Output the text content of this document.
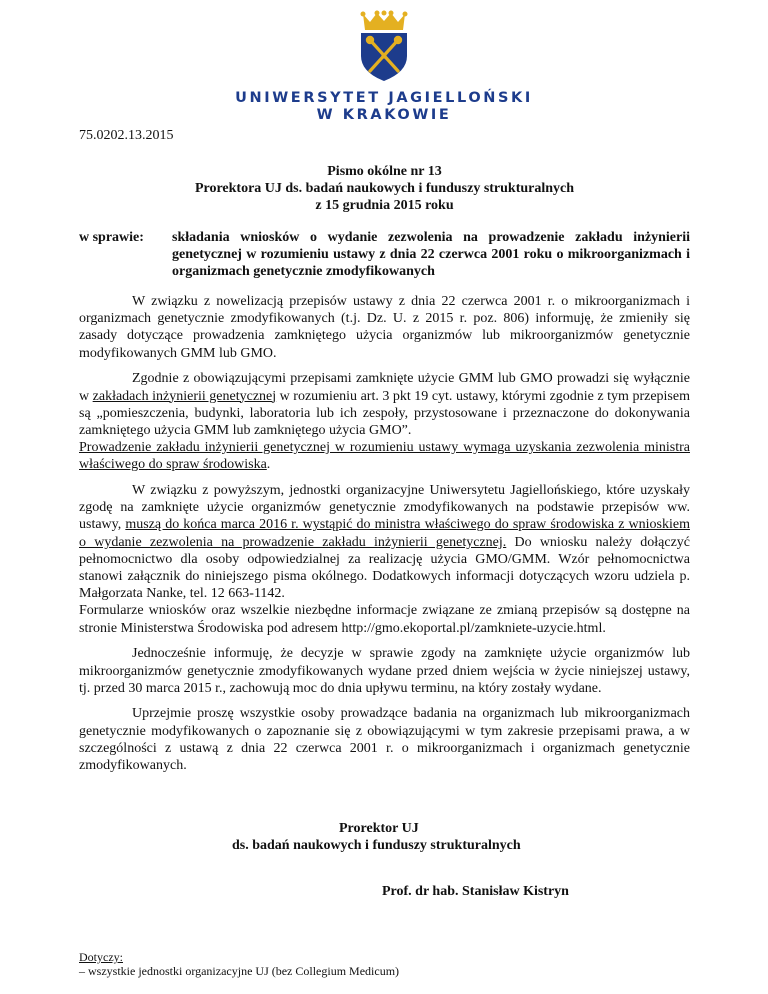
UNIWERSYTET JAGIELLOŃSKI
W KRAKOWIE
75.0202.13.2015
Pismo okólne nr 13
Prorektora UJ ds. badań naukowych i funduszy strukturalnych
z 15 grudnia 2015 roku
w sprawie: składania wniosków o wydanie zezwolenia na prowadzenie zakładu inżynierii genetycznej w rozumieniu ustawy z dnia 22 czerwca 2001 roku o mikroorganizmach i organizmach genetycznie zmodyfikowanych

W związku z nowelizacją przepisów ustawy z dnia 22 czerwca 2001 r. o mikroorganizmach i organizmach genetycznie zmodyfikowanych (t.j. Dz. U. z 2015 r. poz. 806) informuję, że zmieniły się zasady dotyczące prowadzenia zamkniętego użycia organizmów lub mikroorganizmów genetycznie modyfikowanych GMM lub GMO.

Zgodnie z obowiązującymi przepisami zamknięte użycie GMM lub GMO prowadzi się wyłącznie w zakładach inżynierii genetycznej w rozumieniu art. 3 pkt 19 cyt. ustawy, którymi zgodnie z tym przepisem są „pomieszczenia, budynki, laboratoria lub ich zespoły, przystosowane i przeznaczone do dokonywania zamkniętego użycia GMM lub zamkniętego użycia GMO”.

Prowadzenie zakładu inżynierii genetycznej w rozumieniu ustawy wymaga uzyskania zezwolenia ministra właściwego do spraw środowiska.

W związku z powyższym, jednostki organizacyjne Uniwersytetu Jagiellońskiego, które uzyskały zgodę na zamknięte użycie organizmów genetycznie zmodyfikowanych na podstawie przepisów ww. ustawy, muszą do końca marca 2016 r. wystąpić do ministra właściwego do spraw środowiska z wnioskiem o wydanie zezwolenia na prowadzenie zakładu inżynierii genetycznej. Do wniosku należy dołączyć pełnomocnictwo dla osoby odpowiedzialnej za realizację użycia GMO/GMM. Wzór pełnomocnictwa stanowi załącznik do niniejszego pisma okólnego. Dodatkowych informacji dotyczących wzoru udziela p. Małgorzata Nanke, tel. 12 663-1142.

Formularze wniosków oraz wszelkie niezbędne informacje związane ze zmianą przepisów są dostępne na stronie Ministerstwa Środowiska pod adresem http://gmo.ekoportal.pl/zamkniete-uzycie.html.

Jednocześnie informuję, że decyzje w sprawie zgody na zamknięte użycie organizmów lub mikroorganizmów genetycznie zmodyfikowanych wydane przed dniem wejścia w życie niniejszej ustawy, tj. przed 30 marca 2015 r., zachowują moc do dnia upływu terminu, na który zostały wydane.

Uprzejmie proszę wszystkie osoby prowadzące badania na organizmach lub mikroorganizmach genetycznie modyfikowanych o zapoznanie się z obowiązującymi w tym zakresie przepisami prawa, a w szczególności z ustawą z dnia 22 czerwca 2001 r. o mikroorganizmach i organizmach genetycznie zmodyfikowanych.

Prorektor UJ
ds. badań naukowych i funduszy strukturalnych
Prof. dr hab. Stanisław Kistryn
Dotyczy:
– wszystkie jednostki organizacyjne UJ (bez Collegium Medicum)
